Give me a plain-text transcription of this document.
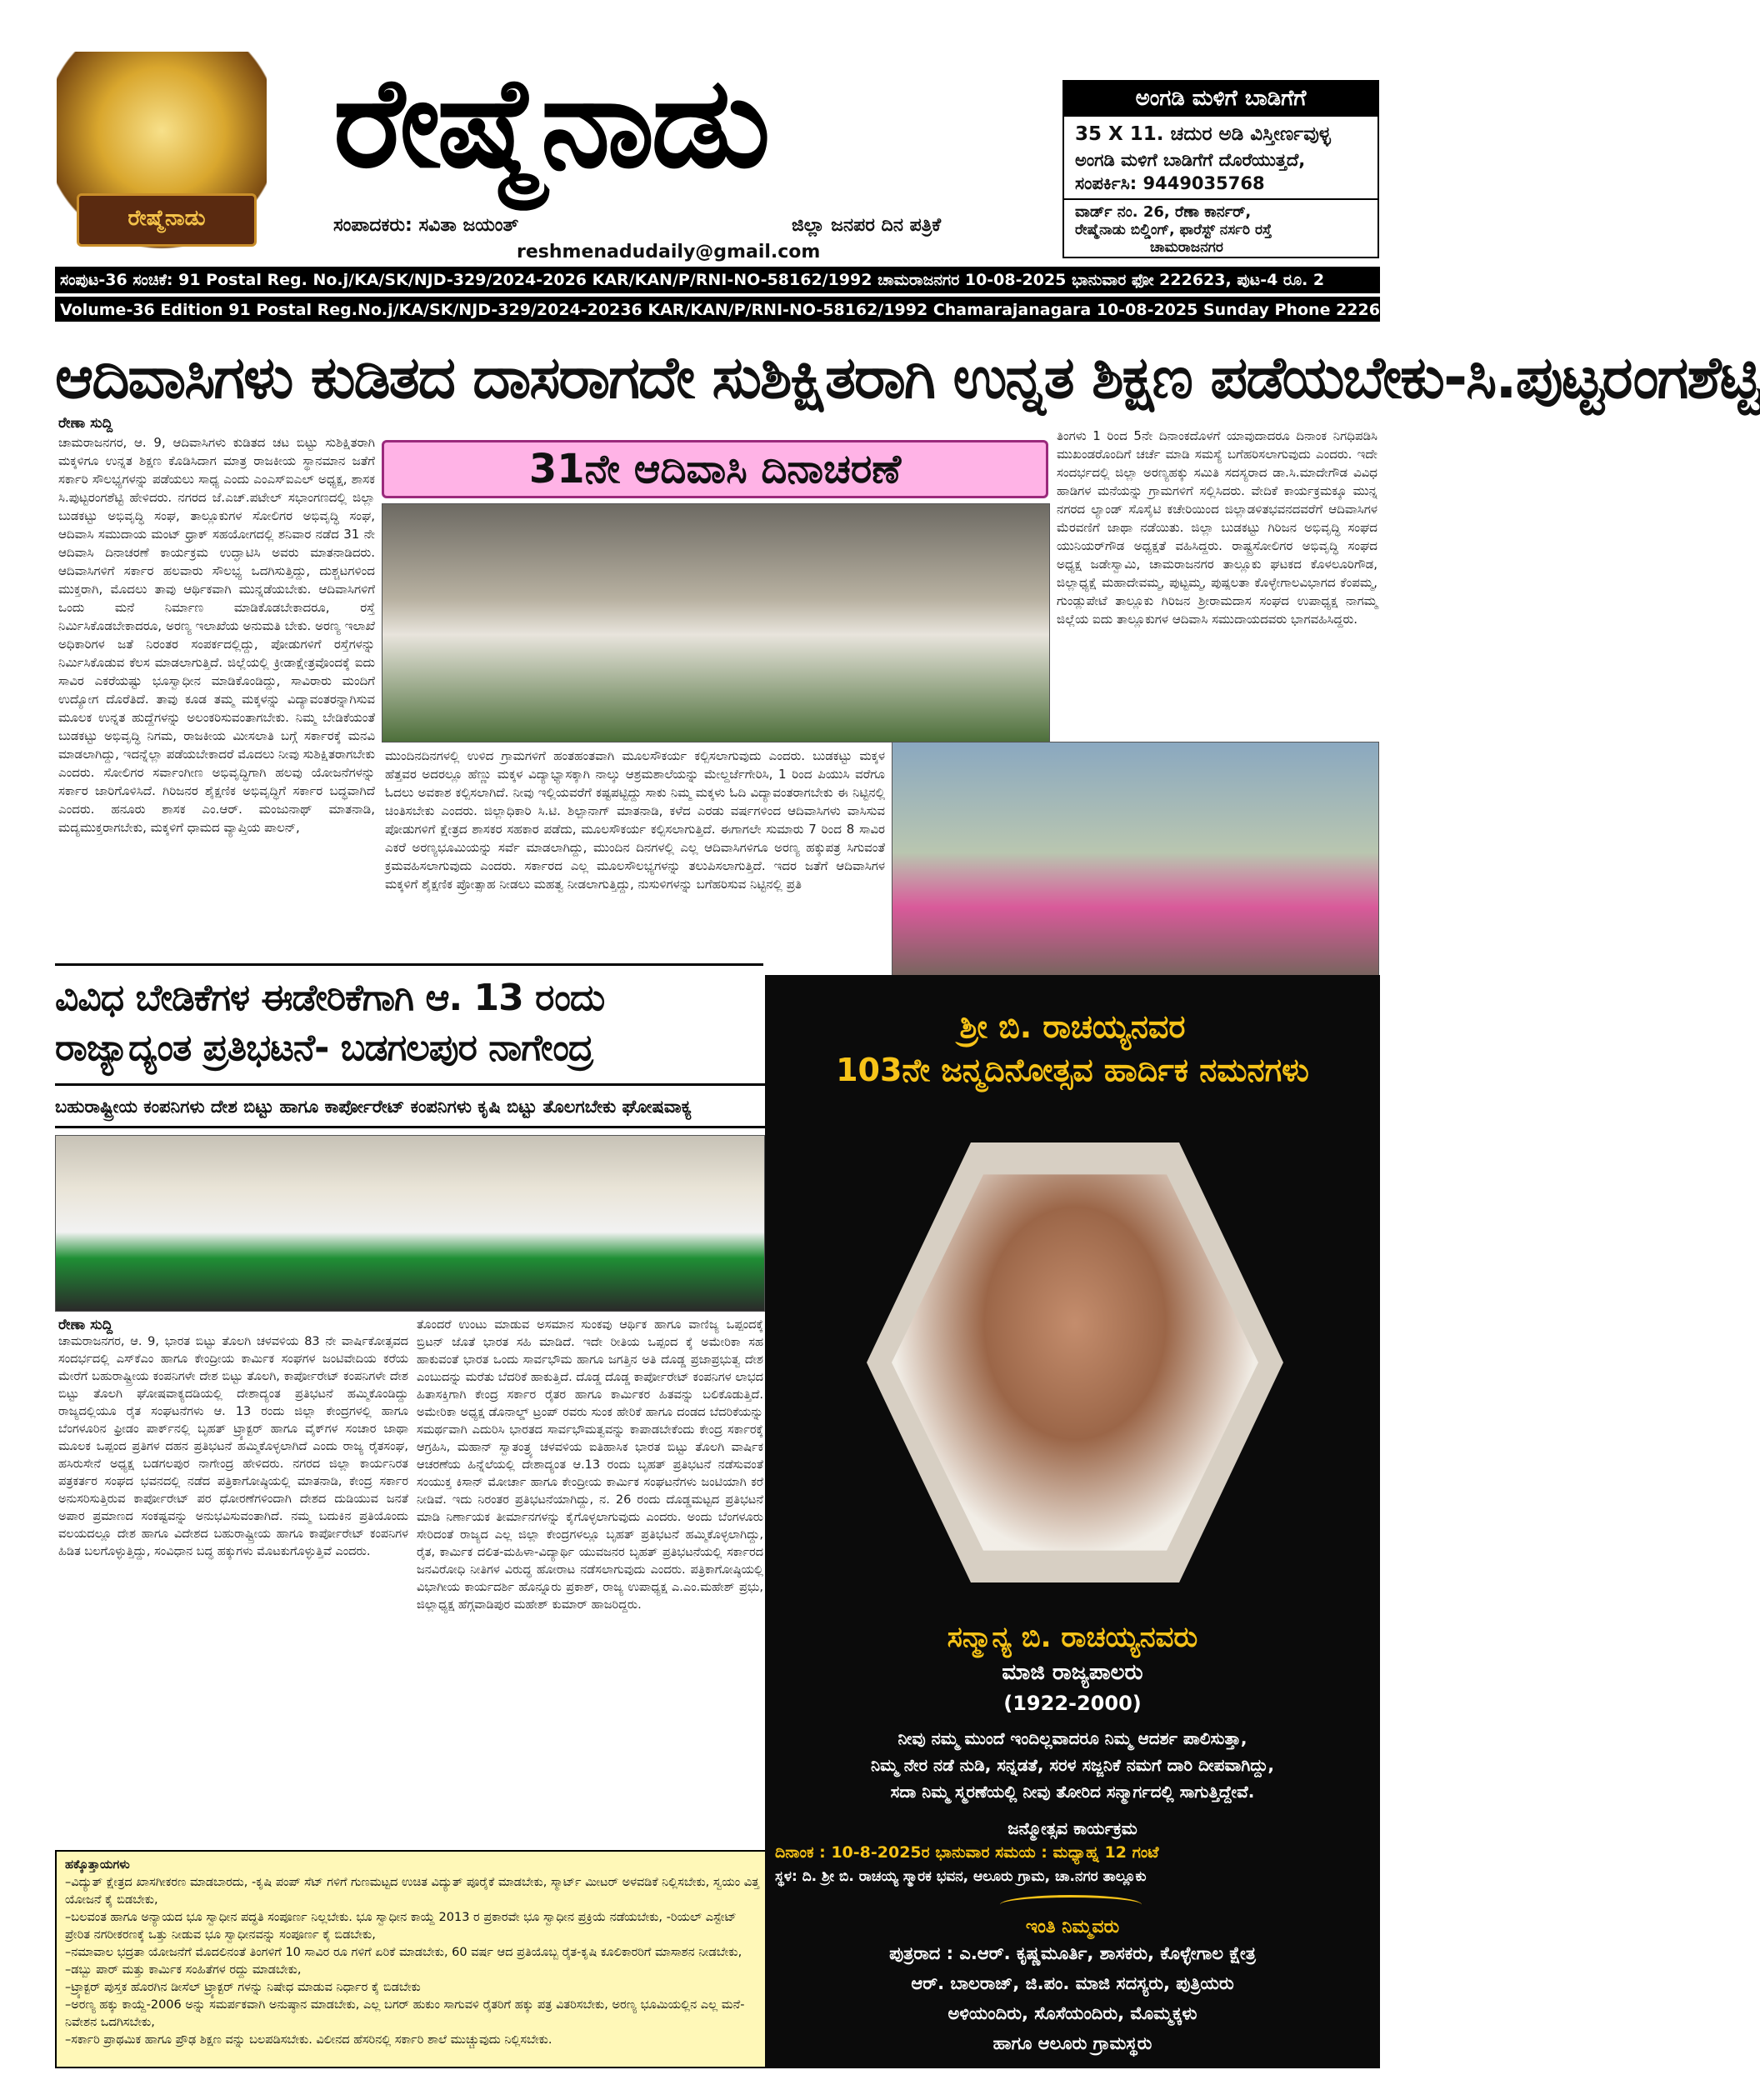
ರೇಷ್ಮೆನಾಡು
ರೇಷ್ಮೆನಾಡು
ಸಂಪಾದಕರು: ಸವಿತಾ ಜಯಂತ್	ಜಿಲ್ಲಾ ಜನಪರ ದಿನ ಪತ್ರಿಕೆ
reshmenadudaily@gmail.com
ಅಂಗಡಿ ಮಳಿಗೆ ಬಾಡಿಗೆಗೆ
35 X 11. ಚದುರ ಅಡಿ ವಿಸ್ತೀರ್ಣವುಳ್ಳ
ಅಂಗಡಿ ಮಳಿಗೆ ಬಾಡಿಗೆಗೆ ದೊರೆಯುತ್ತದೆ,
ಸಂಪರ್ಕಿಸಿ: 9449035768
ವಾರ್ಡ್ ನಂ. 26, ರೆಣಾ ಕಾರ್ನರ್,
ರೇಷ್ಮೆನಾಡು ಬಿಲ್ಡಿಂಗ್, ಫಾರೆಸ್ಟ್ ನರ್ಸರಿ ರಸ್ತೆ
ಚಾಮರಾಜನಗರ
ಸಂಪುಟ-36 ಸಂಚಿಕೆ: 91 Postal Reg. No.j/KA/SK/NJD-329/2024-2026 KAR/KAN/P/RNI-NO-58162/1992 ಚಾಮರಾಜನಗರ 10-08-2025 ಭಾನುವಾರ ಫೋ 222623, ಪುಟ-4 ರೂ. 2
Volume-36 Edition 91 Postal Reg.No.j/KA/SK/NJD-329/2024-20236 KAR/KAN/P/RNI-NO-58162/1992 Chamarajanagara 10-08-2025 Sunday Phone 222623 Page-4 Rs.2
ಆದಿವಾಸಿಗಳು ಕುಡಿತದ ದಾಸರಾಗದೇ ಸುಶಿಕ್ಷಿತರಾಗಿ ಉನ್ನತ ಶಿಕ್ಷಣ ಪಡೆಯಬೇಕು-ಸಿ.ಪುಟ್ಟರಂಗಶೆಟ್ಟಿ
ರೇಣಾ ಸುದ್ದಿ
ಚಾಮರಾಜನಗರ, ಆ. 9, ಆದಿವಾಸಿಗಳು ಕುಡಿತದ ಚಟ ಬಿಟ್ಟು ಸುಶಿಕ್ಷಿತರಾಗಿ ಮಕ್ಕಳಿಗೂ ಉನ್ನತ ಶಿಕ್ಷಣ ಕೊಡಿಸಿದಾಗ ಮಾತ್ರ ರಾಜಕೀಯ ಸ್ಥಾನಮಾನ ಜತೆಗೆ ಸರ್ಕಾರಿ ಸೌಲಭ್ಯಗಳನ್ನು ಪಡೆಯಲು ಸಾಧ್ಯ ಎಂದು ಎಂಎಸ್‌ಐಎಲ್ ಅಧ್ಯಕ್ಷ, ಶಾಸಕ ಸಿ.ಪುಟ್ಟರಂಗಶೆಟ್ಟಿ ಹೇಳಿದರು. ನಗರದ ಜೆ.ಎಚ್.ಪಟೇಲ್ ಸಭಾಂಗಣದಲ್ಲಿ ಜಿಲ್ಲಾ ಬುಡಕಟ್ಟು ಅಭಿವೃದ್ಧಿ ಸಂಘ, ತಾಲ್ಲೂಕುಗಳ ಸೋಲಿಗರ ಅಭಿವೃದ್ಧಿ ಸಂಘ, ಆದಿವಾಸಿ ಸಮುದಾಯ ಮಂಟ್ ಧ್ರಾಕ್ ಸಹಯೋಗದಲ್ಲಿ ಶನಿವಾರ ನಡೆದ 31 ನೇ ಆದಿವಾಸಿ ದಿನಾಚರಣೆ ಕಾರ್ಯಕ್ರಮ ಉದ್ಘಾಟಿಸಿ ಅವರು ಮಾತನಾಡಿದರು. ಆದಿವಾಸಿಗಳಿಗೆ ಸರ್ಕಾರ ಹಲವಾರು ಸೌಲಭ್ಯ ಒದಗಿಸುತ್ತಿದ್ದು, ದುಶ್ಚಟಗಳಿಂದ ಮುಕ್ತರಾಗಿ, ಮೊದಲು ತಾವು ಆರ್ಥಿಕವಾಗಿ ಮುನ್ನಡೆಯಬೇಕು. ಆದಿವಾಸಿಗಳಿಗೆ ಒಂದು ಮನೆ ನಿರ್ಮಾಣ ಮಾಡಿಕೊಡಬೇಕಾದರೂ, ರಸ್ತೆ ನಿರ್ಮಿಸಿಕೊಡಬೇಕಾದರೂ, ಅರಣ್ಯ ಇಲಾಖೆಯ ಅನುಮತಿ ಬೇಕು. ಅರಣ್ಯ ಇಲಾಖೆ ಅಧಿಕಾರಿಗಳ ಜತೆ ನಿರಂತರ ಸಂಪರ್ಕದಲ್ಲಿದ್ದು, ಪೋಡುಗಳಿಗೆ ರಸ್ತೆಗಳನ್ನು ನಿರ್ಮಿಸಿಕೊಡುವ ಕೆಲಸ ಮಾಡಲಾಗುತ್ತಿದೆ. ಜಿಲ್ಲೆಯಲ್ಲಿ ಕ್ರೀಡಾಕ್ಷೇತ್ರವೊಂದಕ್ಕೆ ಐದು ಸಾವಿರ ಎಕರೆಯಷ್ಟು ಭೂಸ್ವಾಧೀನ ಮಾಡಿಕೊಂಡಿದ್ದು, ಸಾವಿರಾರು ಮಂದಿಗೆ ಉದ್ಯೋಗ ದೊರೆತಿದೆ. ತಾವು ಕೂಡ ತಮ್ಮ ಮಕ್ಕಳನ್ನು ವಿದ್ಯಾವಂತರನ್ನಾಗಿಸುವ ಮೂಲಕ ಉನ್ನತ ಹುದ್ದೆಗಳನ್ನು ಅಲಂಕರಿಸುವಂತಾಗಬೇಕು. ನಿಮ್ಮ ಬೇಡಿಕೆಯಂತೆ ಬುಡಕಟ್ಟು ಅಭಿವೃದ್ಧಿ ನಿಗಮ, ರಾಜಕೀಯ ಮೀಸಲಾತಿ ಬಗ್ಗೆ ಸರ್ಕಾರಕ್ಕೆ ಮನವಿ ಮಾಡಲಾಗಿದ್ದು, ಇದನ್ನೆಲ್ಲಾ ಪಡೆಯಬೇಕಾದರೆ ಮೊದಲು ನೀವು ಸುಶಿಕ್ಷಿತರಾಗಬೇಕು ಎಂದರು. ಸೋಲಿಗರ ಸರ್ವಾಂಗೀಣ ಅಭಿವೃದ್ಧಿಗಾಗಿ ಹಲವು ಯೋಜನೆಗಳನ್ನು ಸರ್ಕಾರ ಜಾರಿಗೊಳಿಸಿದೆ. ಗಿರಿಜನರ ಶೈಕ್ಷಣಿಕ ಅಭಿವೃದ್ಧಿಗೆ ಸರ್ಕಾರ ಬದ್ಧವಾಗಿದೆ ಎಂದರು. ಹನೂರು ಶಾಸಕ ಎಂ.ಆರ್. ಮಂಜುನಾಥ್ ಮಾತನಾಡಿ, ಮದ್ಯಮುಕ್ತರಾಗಬೇಕು, ಮಕ್ಕಳಿಗೆ ಧಾಮದ ವ್ಯಾಪ್ತಿಯ ಪಾಲನ್,
31ನೇ ಆದಿವಾಸಿ ದಿನಾಚರಣೆ
ಮುಂದಿನದಿನಗಳಲ್ಲಿ ಉಳಿದ ಗ್ರಾಮಗಳಿಗೆ ಹಂತಹಂತವಾಗಿ ಮೂಲಸೌಕರ್ಯ ಕಲ್ಪಿಸಲಾಗುವುದು ಎಂದರು. ಬುಡಕಟ್ಟು ಮಕ್ಕಳ ಹೆತ್ತವರ ಅದರಲ್ಲೂ ಹೆಣ್ಣು ಮಕ್ಕಳ ವಿದ್ಯಾಭ್ಯಾಸಕ್ಕಾಗಿ ನಾಲ್ಕು ಆಶ್ರಮಶಾಲೆಯನ್ನು ಮೇಲ್ದರ್ಜೆಗೇರಿಸಿ, 1 ರಿಂದ ಪಿಯುಸಿ ವರೆಗೂ ಓದಲು ಅವಕಾಶ ಕಲ್ಪಿಸಲಾಗಿದೆ. ನೀವು ಇಲ್ಲಿಯವರೆಗೆ ಕಷ್ಟಪಟ್ಟಿದ್ದು ಸಾಕು ನಿಮ್ಮ ಮಕ್ಕಳು ಓದಿ ವಿದ್ಯಾವಂತರಾಗಬೇಕು ಈ ನಿಟ್ಟಿನಲ್ಲಿ ಚಿಂತಿಸಬೇಕು ಎಂದರು. ಜಿಲ್ಲಾಧಿಕಾರಿ ಸಿ.ಟಿ. ಶಿಲ್ಪಾನಾಗ್ ಮಾತನಾಡಿ, ಕಳೆದ ಎರಡು ವರ್ಷಗಳಿಂದ ಆದಿವಾಸಿಗಳು ವಾಸಿಸುವ ಪೋಡುಗಳಿಗೆ ಕ್ಷೇತ್ರದ ಶಾಸಕರ ಸಹಕಾರ ಪಡೆದು, ಮೂಲಸೌಕರ್ಯ ಕಲ್ಪಿಸಲಾಗುತ್ತಿದೆ. ಈಗಾಗಲೇ ಸುಮಾರು 7 ರಿಂದ 8 ಸಾವಿರ ಎಕರೆ ಅರಣ್ಯಭೂಮಿಯನ್ನು ಸರ್ವೆ ಮಾಡಲಾಗಿದ್ದು, ಮುಂದಿನ ದಿನಗಳಲ್ಲಿ ಎಲ್ಲ ಆದಿವಾಸಿಗಳಿಗೂ ಅರಣ್ಯ ಹಕ್ಕುಪತ್ರ ಸಿಗುವಂತೆ ಕ್ರಮವಹಿಸಲಾಗುವುದು ಎಂದರು. ಸರ್ಕಾರದ ಎಲ್ಲ ಮೂಲಸೌಲಭ್ಯಗಳನ್ನು ತಲುಪಿಸಲಾಗುತ್ತಿದೆ. ಇದರ ಜತೆಗೆ ಆದಿವಾಸಿಗಳ ಮಕ್ಕಳಿಗೆ ಶೈಕ್ಷಣಿಕ ಪ್ರೋತ್ಸಾಹ ನೀಡಲು ಮಹತ್ವ ನೀಡಲಾಗುತ್ತಿದ್ದು, ನುಸುಳಿಗಳನ್ನು ಬಗೆಹರಿಸುವ ನಿಟ್ಟಿನಲ್ಲಿ ಪ್ರತಿ
ತಿಂಗಳು 1 ರಿಂದ 5ನೇ ದಿನಾಂಕದೊಳಗೆ ಯಾವುದಾದರೂ ದಿನಾಂಕ ನಿಗಧಿಪಡಿಸಿ ಮುಖಂಡರೊಂದಿಗೆ ಚರ್ಚೆ ಮಾಡಿ ಸಮಸ್ಯೆ ಬಗೆಹರಿಸಲಾಗುವುದು ಎಂದರು. ಇದೇ ಸಂದರ್ಭದಲ್ಲಿ ಜಿಲ್ಲಾ ಅರಣ್ಯಹಕ್ಕು ಸಮಿತಿ ಸದಸ್ಯರಾದ ಡಾ.ಸಿ.ಮಾದೇಗೌಡ ವಿವಿಧ ಹಾಡಿಗಳ ಮನೆಯನ್ನು ಗ್ರಾಮಗಳಿಗೆ ಸಲ್ಲಿಸಿದರು. ವೇದಿಕೆ ಕಾರ್ಯಕ್ರಮಕ್ಕೂ ಮುನ್ನ ನಗರದ ಲ್ಯಾಂಡ್ ಸೊಸೈಟಿ ಕಚೇರಿಯಿಂದ ಜಿಲ್ಲಾಡಳಿತಭವನದವರೆಗೆ ಆದಿವಾಸಿಗಳ ಮೆರವಣಿಗೆ ಜಾಥಾ ನಡೆಯಿತು. ಜಿಲ್ಲಾ ಬುಡಕಟ್ಟು ಗಿರಿಜನ ಅಭಿವೃದ್ಧಿ ಸಂಘದ ಯುನಿಯರ್‌ಗೌಡ ಅಧ್ಯಕ್ಷತೆ ವಹಿಸಿದ್ದರು. ರಾಷ್ಟ್ರಸೋಲಿಗರ ಅಭಿವೃದ್ಧಿ ಸಂಘದ ಅಧ್ಯಕ್ಷ ಜಡೇಸ್ವಾಮಿ, ಚಾಮರಾಜನಗರ ತಾಲ್ಲೂಕು ಘಟಕದ ಕೊಳಲೂರಿಗೌಡ, ಜಿಲ್ಲಾಧ್ಯಕ್ಷೆ ಮಹಾದೇವಮ್ಮ, ಪುಟ್ಟಮ್ಮ, ಪುಷ್ಪಲತಾ ಕೊಳ್ಳೇಗಾಲವಿಭಾಗದ ಕೆಂಪಮ್ಮ, ಗುಂಡ್ಲುಪೇಟೆ ತಾಲ್ಲೂಕು ಗಿರಿಜನ ಶ್ರೀರಾಮದಾಸ ಸಂಘದ ಉಪಾಧ್ಯಕ್ಷ ನಾಗಮ್ಮ ಜಿಲ್ಲೆಯ ಐದು ತಾಲ್ಲೂಕುಗಳ ಆದಿವಾಸಿ ಸಮುದಾಯದವರು ಭಾಗವಹಿಸಿದ್ದರು.
ವಿವಿಧ ಬೇಡಿಕೆಗಳ ಈಡೇರಿಕೆಗಾಗಿ ಆ. 13 ರಂದು
ರಾಜ್ಯಾದ್ಯಂತ ಪ್ರತಿಭಟನೆ- ಬಡಗಲಪುರ ನಾಗೇಂದ್ರ
ಬಹುರಾಷ್ಟ್ರೀಯ ಕಂಪನಿಗಳು ದೇಶ ಬಿಟ್ಟು ಹಾಗೂ ಕಾರ್ಪೋರೇಟ್ ಕಂಪನಿಗಳು ಕೃಷಿ ಬಿಟ್ಟು ತೊಲಗಬೇಕು ಘೋಷವಾಕ್ಯ
ರೇಣಾ ಸುದ್ದಿ
ಚಾಮರಾಜನಗರ, ಆ. 9, ಭಾರತ ಬಿಟ್ಟು ತೊಲಗಿ ಚಳವಳಿಯ 83 ನೇ ವಾರ್ಷಿಕೋತ್ಸವದ ಸಂದರ್ಭದಲ್ಲಿ ಎಸ್‌ಕೆಎಂ ಹಾಗೂ ಕೇಂದ್ರೀಯ ಕಾರ್ಮಿಕ ಸಂಘಗಳ ಜಂಟಿವೇದಿಯ ಕರೆಯ ಮೇರೆಗೆ ಬಹುರಾಷ್ಟ್ರೀಯ ಕಂಪನಿಗಳೇ ದೇಶ ಬಿಟ್ಟು ತೊಲಗಿ, ಕಾರ್ಪೋರೇಟ್ ಕಂಪನಿಗಳೇ ದೇಶ ಬಿಟ್ಟು ತೊಲಗಿ ಘೋಷವಾಕ್ಯದಡಿಯಲ್ಲಿ ದೇಶಾದ್ಯಂತ ಪ್ರತಿಭಟನೆ ಹಮ್ಮಿಕೊಂಡಿದ್ದು ರಾಜ್ಯದಲ್ಲಿಯೂ ರೈತ ಸಂಘಟನೆಗಳು ಆ. 13 ರಂದು ಜಿಲ್ಲಾ ಕೇಂದ್ರಗಳಲ್ಲಿ ಹಾಗೂ ಬೆಂಗಳೂರಿನ ಫ್ರೀಡಂ ಪಾರ್ಕ್‌ನಲ್ಲಿ ಬೃಹತ್ ಟ್ರ್ಯಾಕ್ಟರ್ ಹಾಗೂ ವೈಕ್‌ಗಳ ಸಂಚಾರ ಜಾಥಾ ಮೂಲಕ ಒಪ್ಪಂದ ಪ್ರತಿಗಳ ದಹನ ಪ್ರತಿಭಟನೆ ಹಮ್ಮಿಕೊಳ್ಳಲಾಗಿದೆ ಎಂದು ರಾಜ್ಯ ರೈತಸಂಘ, ಹಸಿರುಸೇನೆ ಅಧ್ಯಕ್ಷ ಬಡಗಲಪುರ ನಾಗೇಂದ್ರ ಹೇಳಿದರು. ನಗರದ ಜಿಲ್ಲಾ ಕಾರ್ಯನಿರತ ಪತ್ರಕರ್ತರ ಸಂಘದ ಭವನದಲ್ಲಿ ನಡೆದ ಪತ್ರಿಕಾಗೋಷ್ಠಿಯಲ್ಲಿ ಮಾತನಾಡಿ, ಕೇಂದ್ರ ಸರ್ಕಾರ ಅನುಸರಿಸುತ್ತಿರುವ ಕಾರ್ಪೋರೇಟ್ ಪರ ಧೋರಣೆಗಳಿಂದಾಗಿ ದೇಶದ ದುಡಿಯುವ ಜನತೆ ಅಪಾರ ಪ್ರಮಾಣದ ಸಂಕಷ್ಟವನ್ನು ಅನುಭವಿಸುವಂತಾಗಿದೆ. ನಮ್ಮ ಬದುಕಿನ ಪ್ರತಿಯೊಂದು ವಲಯದಲ್ಲೂ ದೇಶ ಹಾಗೂ ವಿದೇಶದ ಬಹುರಾಷ್ಟ್ರೀಯ ಹಾಗೂ ಕಾರ್ಪೋರೇಟ್ ಕಂಪನಿಗಳ ಹಿಡಿತ ಬಲಗೊಳ್ಳುತ್ತಿದ್ದು, ಸಂವಿಧಾನ ಬದ್ಧ ಹಕ್ಕುಗಳು ಮೊಟಕುಗೊಳ್ಳುತ್ತಿವೆ ಎಂದರು.
ತೊಂದರೆ ಉಂಟು ಮಾಡುವ ಅಸಮಾನ ಸುಂಕವು ಆರ್ಥಿಕ ಹಾಗೂ ವಾಣಿಜ್ಯ ಒಪ್ಪಂದಕ್ಕೆ ಬ್ರಿಟನ್ ಜೊತೆ ಭಾರತ ಸಹಿ ಮಾಡಿದೆ. ಇದೇ ರೀತಿಯ ಒಪ್ಪಂದ ಕ್ಕೆ ಅಮೇರಿಕಾ ಸಹ ಹಾಕುವಂತೆ ಭಾರತ ಒಂದು ಸಾರ್ವಭೌಮ ಹಾಗೂ ಜಗತ್ತಿನ ಅತಿ ದೊಡ್ಡ ಪ್ರಜಾಪ್ರಭುತ್ವ ದೇಶ ಎಂಬುದನ್ನು ಮರೆತು ಬೆದರಿಕೆ ಹಾಕುತ್ತಿದೆ. ದೊಡ್ಡ ದೊಡ್ಡ ಕಾರ್ಪೋರೇಟ್ ಕಂಪನಿಗಳ ಲಾಭದ ಹಿತಾಸಕ್ತಿಗಾಗಿ ಕೇಂದ್ರ ಸರ್ಕಾರ ರೈತರ ಹಾಗೂ ಕಾರ್ಮಿಕರ ಹಿತವನ್ನು ಬಲಿಕೊಡುತ್ತಿದೆ. ಅಮೇರಿಕಾ ಅಧ್ಯಕ್ಷ ಡೊನಾಲ್ಡ್ ಟ್ರಂಪ್ ರವರು ಸುಂಕ ಹೇರಿಕೆ ಹಾಗೂ ದಂಡದ ಬೆದರಿಕೆಯನ್ನು ಸಮರ್ಥವಾಗಿ ಎದುರಿಸಿ ಭಾರತದ ಸಾರ್ವಭೌಮತ್ವವನ್ನು ಕಾಪಾಡಬೇಕೆಂದು ಕೇಂದ್ರ ಸರ್ಕಾರಕ್ಕೆ ಆಗ್ರಹಿಸಿ, ಮಹಾನ್ ಸ್ವಾತಂತ್ರ್ಯ ಚಳವಳಿಯ ಐತಿಹಾಸಿಕ ಭಾರತ ಬಿಟ್ಟು ತೊಲಗಿ ವಾರ್ಷಿಕ ಆಚರಣೆಯ ಹಿನ್ನೆಲೆಯಲ್ಲಿ ದೇಶಾದ್ಯಂತ ಆ.13 ರಂದು ಬೃಹತ್ ಪ್ರತಿಭಟನೆ ನಡೆಸುವಂತೆ ಸಂಯುಕ್ತ ಕಿಸಾನ್ ಮೋರ್ಚಾ ಹಾಗೂ ಕೇಂದ್ರೀಯ ಕಾರ್ಮಿಕ ಸಂಘಟನೆಗಳು ಜಂಟಿಯಾಗಿ ಕರೆ ನೀಡಿವೆ. ಇದು ನಿರಂತರ ಪ್ರತಿಭಟನೆಯಾಗಿದ್ದು, ನ. 26 ರಂದು ದೊಡ್ಡಮಟ್ಟದ ಪ್ರತಿಭಟನೆ ಮಾಡಿ ನಿರ್ಣಾಯಕ ತೀರ್ಮಾನಗಳನ್ನು ಕೈಗೊಳ್ಳಲಾಗುವುದು ಎಂದರು. ಅಂದು ಬೆಂಗಳೂರು ಸೇರಿದಂತೆ ರಾಜ್ಯದ ಎಲ್ಲ ಜಿಲ್ಲಾ ಕೇಂದ್ರಗಳಲ್ಲೂ ಬೃಹತ್ ಪ್ರತಿಭಟನೆ ಹಮ್ಮಿಕೊಳ್ಳಲಾಗಿದ್ದು, ರೈತ, ಕಾರ್ಮಿಕ ದಲಿತ-ಮಹಿಳಾ-ವಿದ್ಯಾರ್ಥಿ ಯುವಜನರ ಬೃಹತ್ ಪ್ರತಿಭಟನೆಯಲ್ಲಿ ಸರ್ಕಾರದ ಜನವಿರೋಧಿ ನೀತಿಗಳ ವಿರುದ್ಧ ಹೋರಾಟ ನಡೆಸಲಾಗುವುದು ಎಂದರು. ಪತ್ರಿಕಾಗೋಷ್ಠಿಯಲ್ಲಿ ವಿಭಾಗೀಯ ಕಾರ್ಯದರ್ಶಿ ಹೊನ್ನೂರು ಪ್ರಕಾಶ್, ರಾಜ್ಯ ಉಪಾಧ್ಯಕ್ಷ ಎ.ಎಂ.ಮಹೇಶ್ ಪ್ರಭು, ಜಿಲ್ಲಾಧ್ಯಕ್ಷ ಹೆಗ್ಗವಾಡಿಪುರ ಮಹೇಶ್ ಕುಮಾರ್ ಹಾಜರಿದ್ದರು.
ಹಕ್ಕೊತ್ತಾಯಗಳು
–ವಿದ್ಯುತ್ ಕ್ಷೇತ್ರದ ಖಾಸಗೀಕರಣ ಮಾಡಬಾರದು, -ಕೃಷಿ ಪಂಪ್ ಸೆಟ್ ಗಳಿಗೆ ಗುಣಮಟ್ಟದ ಉಚಿತ ವಿದ್ಯುತ್ ಪೂರೈಕೆ ಮಾಡಬೇಕು, ಸ್ಮಾರ್ಟ್ ಮೀಟರ್ ಅಳವಡಿಕೆ ನಿಲ್ಲಿಸಬೇಕು, ಸ್ವಯಂ ವಿತ್ತ ಯೋಜನೆ ಕೈ ಬಿಡಬೇಕು,
–ಬಲವಂತ ಹಾಗೂ ಅನ್ಯಾಯದ ಭೂ ಸ್ವಾಧೀನ ಪದ್ಧತಿ ಸಂಪೂರ್ಣ ನಿಲ್ಲಬೇಕು. ಭೂ ಸ್ವಾಧೀನ ಕಾಯ್ದೆ 2013 ರ ಪ್ರಕಾರವೇ ಭೂ ಸ್ವಾಧೀನ ಪ್ರಕ್ರಿಯೆ ನಡೆಯಬೇಕು, -ರಿಯಲ್ ಎಸ್ಟೇಟ್ ಪ್ರೇರಿತ ನಗರೀಕರಣಕ್ಕೆ ಒತ್ತು ನೀಡುವ ಭೂ ಸ್ವಾಧೀನವನ್ನು ಸಂಪೂರ್ಣ ಕೈ ಬಿಡಬೇಕು,
–ನಮಾವಾಲ ಭದ್ರತಾ ಯೋಜನೆಗೆ ಮೊದಲಿನಂತೆ ತಿಂಗಳಿಗೆ 10 ಸಾವಿರ ರೂ ಗಳಿಗೆ ಏರಿಕೆ ಮಾಡಬೇಕು, 60 ವರ್ಷ ಆದ ಪ್ರತಿಯೊಬ್ಬ ರೈತ-ಕೃಷಿ ಕೂಲಿಕಾರರಿಗೆ ಮಾಸಾಶನ ನೀಡಬೇಕು,
–ಡಬ್ಬು ಪಾರ್ ಮತ್ತು ಕಾರ್ಮಿಕ ಸಂಹಿತೆಗಳ ರದ್ದು ಮಾಡಬೇಕು,
–ಟ್ರ್ಯಾಕ್ಟರ್ ಪುಸ್ತಕ ಹೊರಗಿನ ಡೀಸೆಲ್ ಟ್ರ್ಯಾಕ್ಟರ್ ಗಳನ್ನು ನಿಷೇಧ ಮಾಡುವ ನಿರ್ಧಾರ ಕೈ ಬಿಡಬೇಕು
–ಅರಣ್ಯ ಹಕ್ಕು ಕಾಯ್ದೆ-2006 ಅನ್ನು ಸಮರ್ಪಕವಾಗಿ ಅನುಷ್ಠಾನ ಮಾಡಬೇಕು, ಎಲ್ಲ ಬಗರ್ ಹುಕುಂ ಸಾಗುವಳಿ ರೈತರಿಗೆ ಹಕ್ಕು ಪತ್ರ ವಿತರಿಸಬೇಕು, ಅರಣ್ಯ ಭೂಮಿಯಲ್ಲಿನ ಎಲ್ಲ ಮನೆ-ನಿವೇಶನ ಒದಗಿಸಬೇಕು,
–ಸರ್ಕಾರಿ ಪ್ರಾಥಮಿಕ ಹಾಗೂ ಪ್ರೌಢ ಶಿಕ್ಷಣ ವನ್ನು ಬಲಪಡಿಸಬೇಕು. ವಿಲೀನದ ಹೆಸರಿನಲ್ಲಿ ಸರ್ಕಾರಿ ಶಾಲೆ ಮುಚ್ಚುವುದು ನಿಲ್ಲಿಸಬೇಕು.
ಶ್ರೀ ಬಿ. ರಾಚಯ್ಯನವರ
103ನೇ ಜನ್ಮದಿನೋತ್ಸವ ಹಾರ್ದಿಕ ನಮನಗಳು
ಸನ್ಮಾನ್ಯ ಬಿ. ರಾಚಯ್ಯನವರು
ಮಾಜಿ ರಾಜ್ಯಪಾಲರು
(1922-2000)
ನೀವು ನಮ್ಮ ಮುಂದೆ ಇಂದಿಲ್ಲವಾದರೂ ನಿಮ್ಮ ಆದರ್ಶ ಪಾಲಿಸುತ್ತಾ,
ನಿಮ್ಮ ನೇರ ನಡೆ ನುಡಿ, ಸನ್ನಡತೆ, ಸರಳ ಸಜ್ಜನಿಕೆ ನಮಗೆ ದಾರಿ ದೀಪವಾಗಿದ್ದು,
ಸದಾ ನಿಮ್ಮ ಸ್ಮರಣೆಯಲ್ಲಿ ನೀವು ತೋರಿದ ಸನ್ಮಾರ್ಗದಲ್ಲಿ ಸಾಗುತ್ತಿದ್ದೇವೆ.
ಜನ್ಮೋತ್ಸವ ಕಾರ್ಯಕ್ರಮ
ದಿನಾಂಕ : 10-8-2025ರ ಭಾನುವಾರ ಸಮಯ : ಮಧ್ಯಾಹ್ನ 12 ಗಂಟೆ
ಸ್ಥಳ: ದಿ. ಶ್ರೀ ಬಿ. ರಾಚಯ್ಯ ಸ್ಮಾರಕ ಭವನ, ಆಲೂರು ಗ್ರಾಮ, ಚಾ.ನಗರ ತಾಲ್ಲೂಕು
ಇಂತಿ ನಿಮ್ಮವರು
ಪುತ್ರರಾದ : ಎ.ಆರ್. ಕೃಷ್ಣಮೂರ್ತಿ, ಶಾಸಕರು, ಕೊಳ್ಳೇಗಾಲ ಕ್ಷೇತ್ರ
ಆರ್. ಬಾಲರಾಜ್, ಜಿ.ಪಂ. ಮಾಜಿ ಸದಸ್ಯರು, ಪುತ್ರಿಯರು
ಅಳಿಯಂದಿರು, ಸೊಸೆಯಂದಿರು, ಮೊಮ್ಮಕ್ಕಳು
ಹಾಗೂ ಆಲೂರು ಗ್ರಾಮಸ್ಥರು
